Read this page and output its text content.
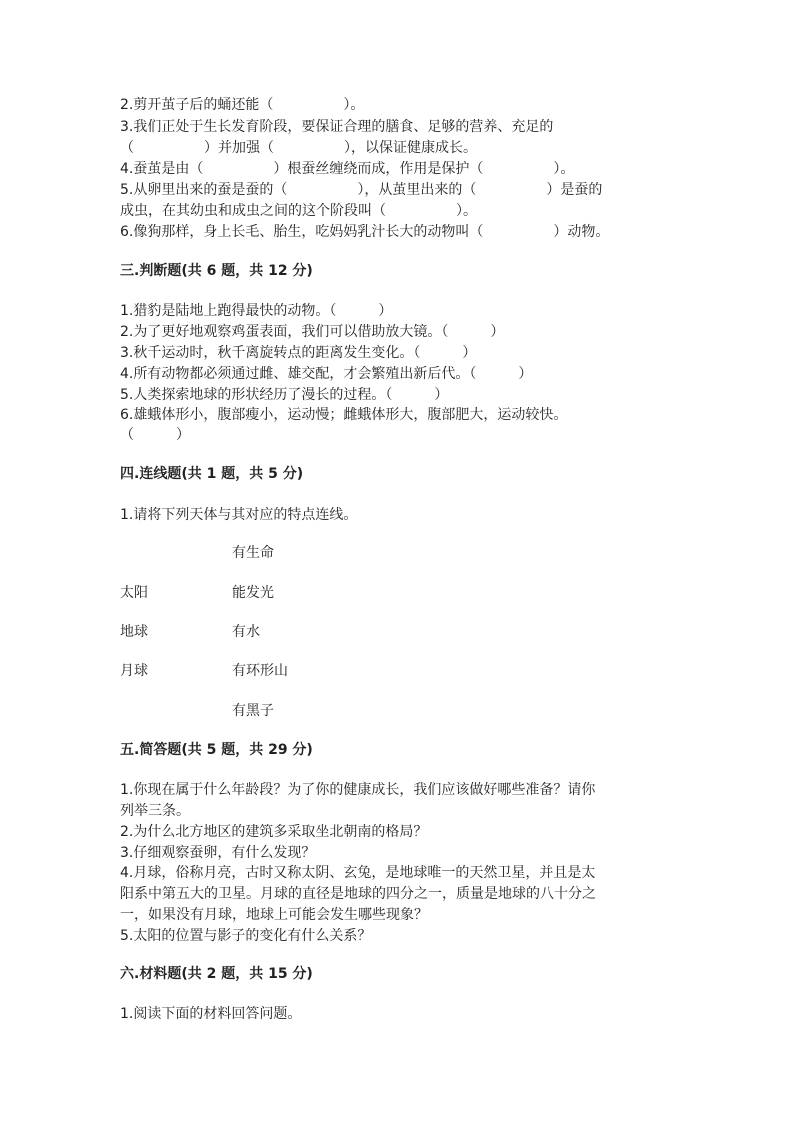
2.剪开茧子后的蛹还能（　　　　　）。
3.我们正处于生长发育阶段，要保证合理的膳食、足够的营养、充足的
（　　　　　）并加强（　　　　　），以保证健康成长。
4.蚕茧是由（　　　　　）根蚕丝缠绕而成，作用是保护（　　　　　）。
5.从卵里出来的蚕是蚕的（　　　　　），从茧里出来的（　　　　　）是蚕的
成虫，在其幼虫和成虫之间的这个阶段叫（　　　　　）。
6.像狗那样，身上长毛、胎生，吃妈妈乳汁长大的动物叫（　　　　　）动物。
三.判断题(共 6 题，共 12 分)
1.猎豹是陆地上跑得最快的动物。（　　　）
2.为了更好地观察鸡蛋表面，我们可以借助放大镜。（　　　）
3.秋千运动时，秋千离旋转点的距离发生变化。（　　　）
4.所有动物都必须通过雌、雄交配，才会繁殖出新后代。（　　　）
5.人类探索地球的形状经历了漫长的过程。（　　　）
6.雄蛾体形小，腹部瘦小，运动慢；雌蛾体形大，腹部肥大，运动较快。
（　　　）
四.连线题(共 1 题，共 5 分)
1.请将下列天体与其对应的特点连线。
有生命
太阳	能发光
地球	有水
月球	有环形山
有黑子
五.简答题(共 5 题，共 29 分)
1.你现在属于什么年龄段？为了你的健康成长，我们应该做好哪些准备？请你
列举三条。
2.为什么北方地区的建筑多采取坐北朝南的格局？
3.仔细观察蚕卵，有什么发现？
4.月球，俗称月亮，古时又称太阴、玄兔，是地球唯一的天然卫星，并且是太
阳系中第五大的卫星。月球的直径是地球的四分之一，质量是地球的八十分之
一，如果没有月球，地球上可能会发生哪些现象？
5.太阳的位置与影子的变化有什么关系？
六.材料题(共 2 题，共 15 分)
1.阅读下面的材料回答问题。
